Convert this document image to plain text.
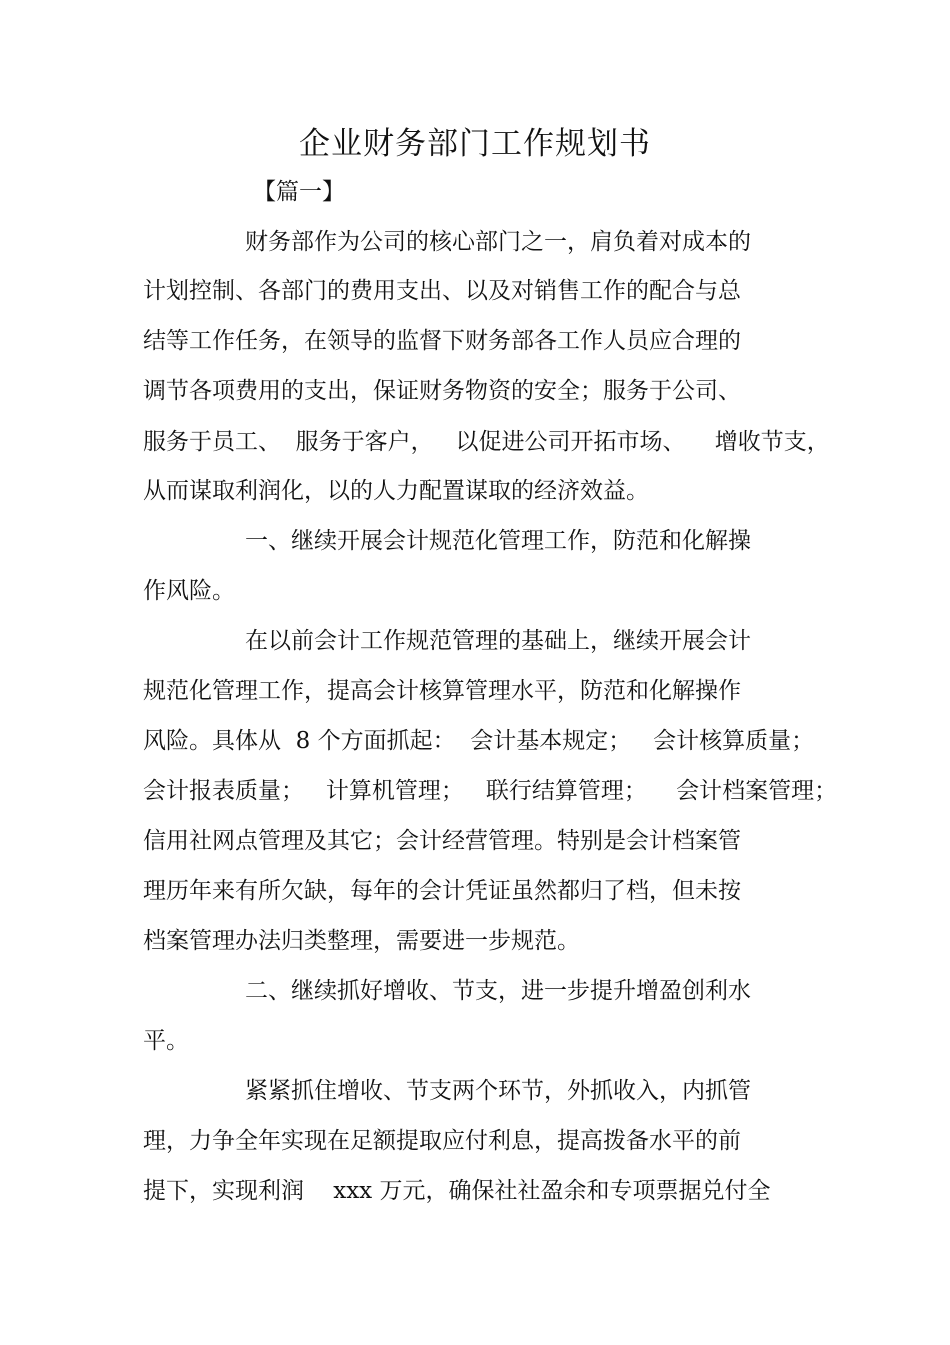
企业财务部门工作规划书
【篇一】
财务部作为公司的核心部门之一，肩负着对成本的
计划控制、各部门的费用支出、以及对销售工作的配合与总
结等工作任务，在领导的监督下财务部各工作人员应合理的
调节各项费用的支出，保证财务物资的安全；服务于公司、
服务于员工、  服务于客户，   以促进公司开拓市场、    增收节支，
从而谋取利润化，以的人力配置谋取的经济效益。
一、继续开展会计规范化管理工作，防范和化解操
作风险。
在以前会计工作规范管理的基础上，继续开展会计
规范化管理工作，提高会计核算管理水平，防范和化解操作
风险。具体从  8 个方面抓起：  会计基本规定；   会计核算质量；
会计报表质量；   计算机管理；   联行结算管理；    会计档案管理；
信用社网点管理及其它；会计经营管理。特别是会计档案管
理历年来有所欠缺，每年的会计凭证虽然都归了档，但未按
档案管理办法归类整理，需要进一步规范。
二、继续抓好增收、节支，进一步提升增盈创利水
平。
紧紧抓住增收、节支两个环节，外抓收入，内抓管
理，力争全年实现在足额提取应付利息，提高拨备水平的前
提下，实现利润    xxx 万元，确保社社盈余和专项票据兑付全
